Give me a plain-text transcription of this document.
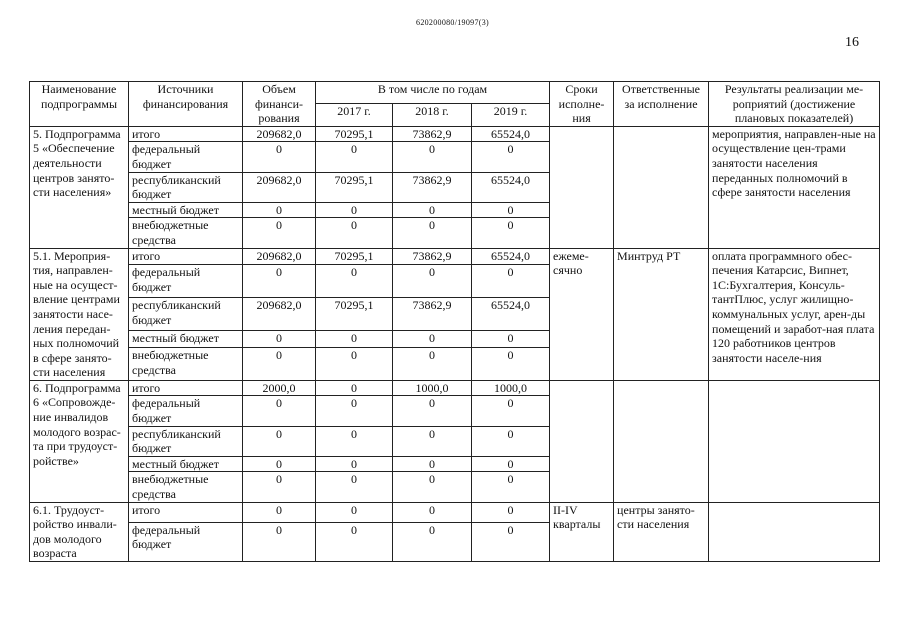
620200080/19097(3)
16
Наименование подпрограммы	Источники финансирования	Объем финанси-рования	В том числе по годам			Сроки исполне-ния	Ответственные за исполнение	Результаты реализации ме-роприятий (достижение плановых показателей)
			2017 г.	2018 г.	2019 г.			
5. Подпрограмма 5 «Обеспечение деятельности центров занято-сти населения»	итого	209682,0	70295,1	73862,9	65524,0			мероприятия, направлен-ные на осуществление цен-трами занятости населения переданных полномочий в сфере занятости населения
	федеральный бюджет	0	0	0	0			
	республиканский бюджет	209682,0	70295,1	73862,9	65524,0			
	местный бюджет	0	0	0	0			
	внебюджетные средства	0	0	0	0			
5.1. Мероприя-тия, направлен-ные на осущест-вление центрами занятости насе-ления передан-ных полномочий в сфере занято-сти населения	итого	209682,0	70295,1	73862,9	65524,0	ежеме-сячно	Минтруд РТ	оплата программного обес-печения Катарсис, Випнет, 1С:Бухгалтерия, Консуль-тантПлюс, услуг жилищно-коммунальных услуг, арен-ды помещений и заработ-ная плата 120 работников центров занятости населе-ния
	федеральный бюджет	0	0	0	0			
	республиканский бюджет	209682,0	70295,1	73862,9	65524,0			
	местный бюджет	0	0	0	0			
	внебюджетные средства	0	0	0	0			
6. Подпрограмма 6 «Сопровожде-ние инвалидов молодого возрас-та при трудоуст-ройстве»	итого	2000,0	0	1000,0	1000,0			
	федеральный бюджет	0	0	0	0			
	республиканский бюджет	0	0	0	0			
	местный бюджет	0	0	0	0			
	внебюджетные средства	0	0	0	0			
6.1. Трудоуст-ройство инвали-дов молодого возраста	итого	0	0	0	0	II-IV кварталы	центры занято-сти населения	
	федеральный бюджет	0	0	0	0			
